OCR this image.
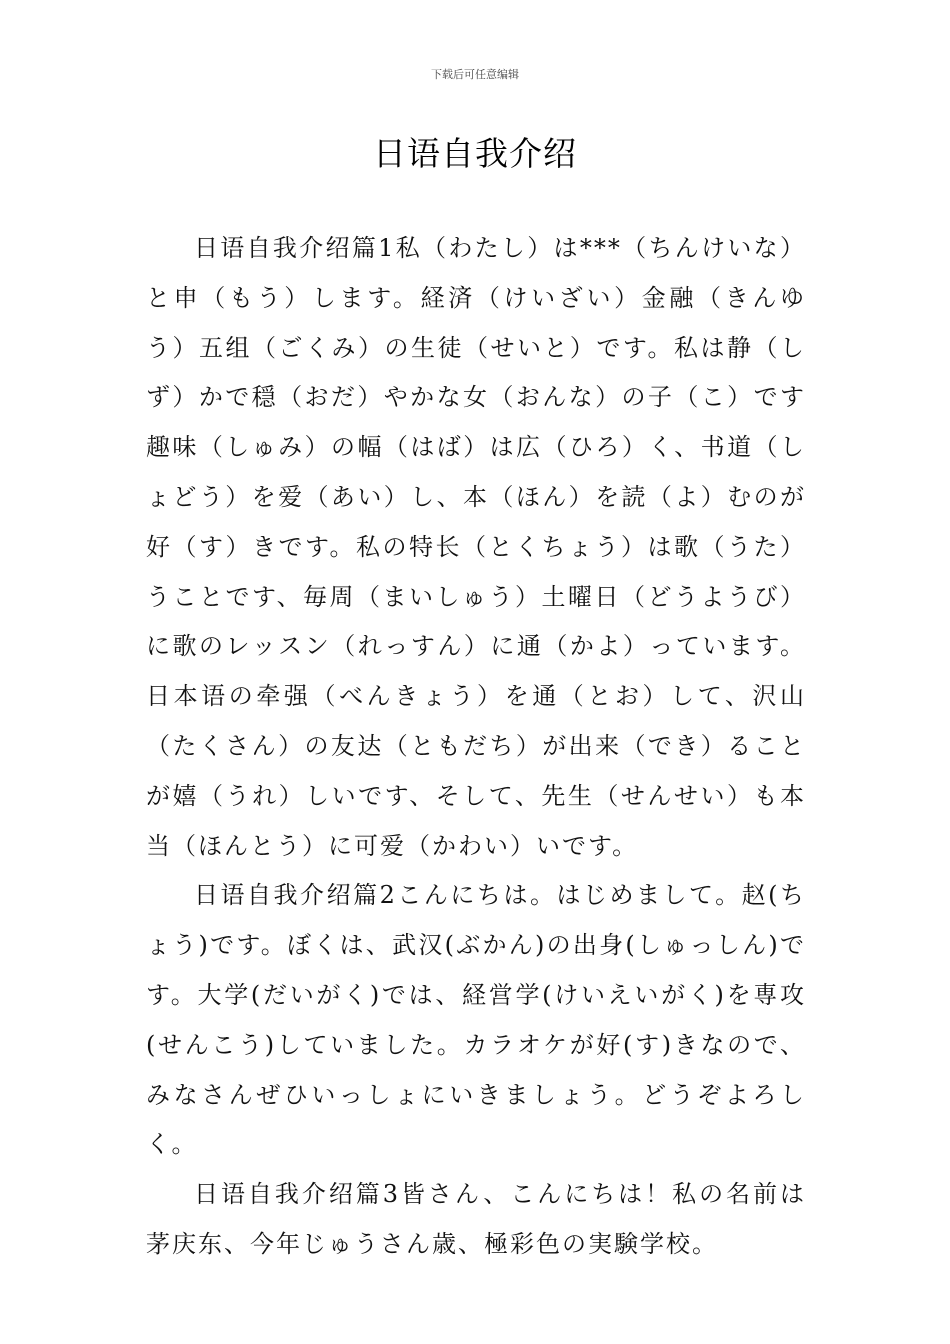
下载后可任意编辑
日语自我介绍

日语自我介绍篇1私（わたし）は***（ちんけいな）と申（もう）します。経済（けいざい）金融（きんゆう）五组（ごくみ）の生徒（せいと）です。私は静（しず）かで穏（おだ）やかな女（おんな）の子（こ）です趣味（しゅみ）の幅（はば）は広（ひろ）く、书道（しょどう）を爱（あい）し、本（ほん）を読（よ）むのが好（す）きです。私の特长（とくちょう）は歌（うた）うことです、毎周（まいしゅう）土曜日（どうようび）に歌のレッスン（れっすん）に通（かよ）っています。日本语の牵强（べんきょう）を通（とお）して、沢山（たくさん）の友达（ともだち）が出来（でき）ることが嬉（うれ）しいです、そして、先生（せんせい）も本当（ほんとう）に可爱（かわい）いです。

日语自我介绍篇2こんにちは。はじめまして。赵(ちょう)です。ぼくは、武汉(ぶかん)の出身(しゅっしん)です。大学(だいがく)では、経営学(けいえいがく)を専攻(せんこう)していました。カラオケが好(す)きなので、みなさんぜひいっしょにいきましょう。どうぞよろしく。

日语自我介绍篇3皆さん、こんにちは！私の名前は茅庆东、今年じゅうさん歳、極彩色の実験学校。
